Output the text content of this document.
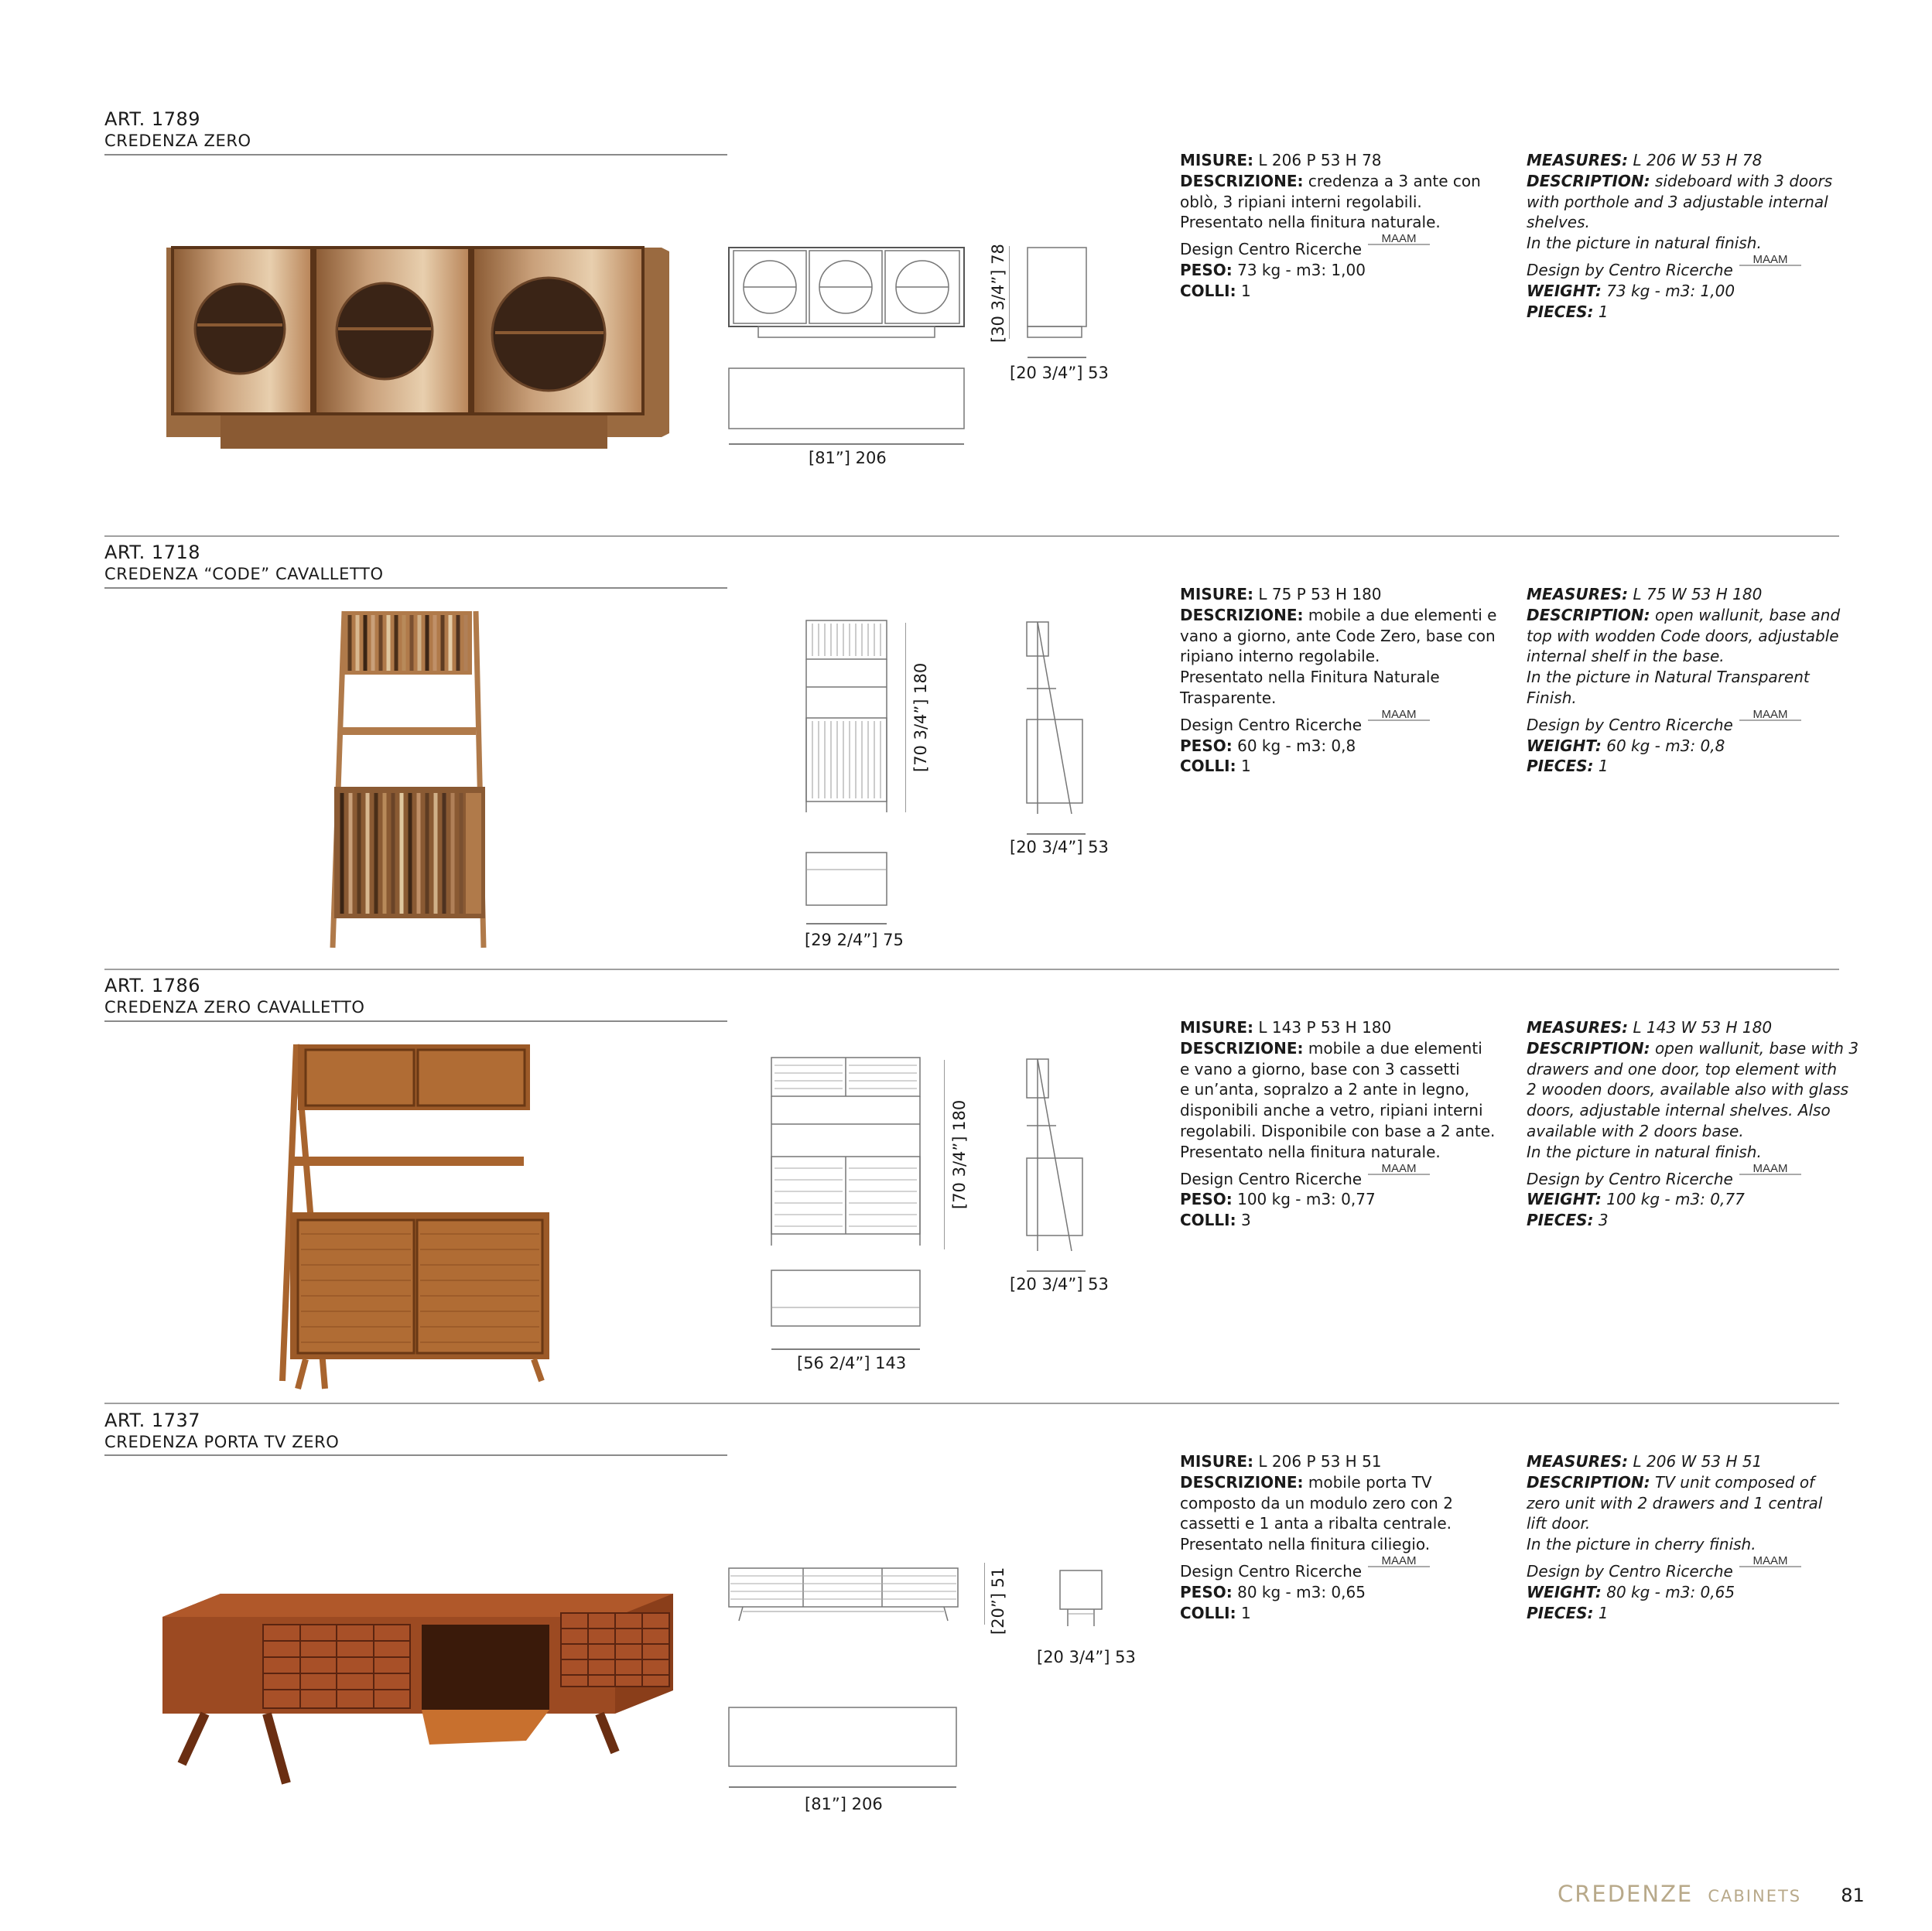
ART. 1789
CREDENZA ZERO
[30 3/4”] 78
[20 3/4”] 53
[81”] 206
MISURE: L 206 P 53 H 78
DESCRIZIONE: credenza a 3 ante con
oblò, 3 ripiani interni regolabili.
Presentato nella finitura naturale.
Design Centro Ricerche
MAAM
PESO: 73 kg - m3: 1,00
COLLI: 1
MEASURES: L 206 W 53 H 78
DESCRIPTION: sideboard with 3 doors
with porthole and 3 adjustable internal
shelves.
In the picture in natural finish.
Design by Centro Ricerche
MAAM
WEIGHT: 73 kg - m3: 1,00
PIECES: 1
ART. 1718
CREDENZA “CODE” CAVALLETTO
[70 3/4”] 180
[20 3/4”] 53
[29 2/4”] 75
MISURE: L 75 P 53 H 180
DESCRIZIONE: mobile a due elementi e
vano a giorno, ante Code Zero, base con
ripiano interno regolabile.
Presentato nella Finitura Naturale
Trasparente.
Design Centro Ricerche
MAAM
PESO: 60 kg - m3: 0,8
COLLI: 1
MEASURES: L 75 W 53 H 180
DESCRIPTION: open wallunit, base and
top with wodden Code doors, adjustable
internal shelf in the base.
In the picture in Natural Transparent
Finish.
Design by Centro Ricerche
MAAM
WEIGHT: 60 kg - m3: 0,8
PIECES: 1
ART. 1786
CREDENZA ZERO CAVALLETTO
[70 3/4”] 180
[20 3/4”] 53
[56 2/4”] 143
MISURE: L 143 P 53 H 180
DESCRIZIONE: mobile a due elementi
e vano a giorno, base con 3 cassetti
e un’anta, sopralzo a 2 ante in legno,
disponibili anche a vetro, ripiani interni
regolabili. Disponibile con base a 2 ante.
Presentato nella finitura naturale.
Design Centro Ricerche
MAAM
PESO: 100 kg - m3: 0,77
COLLI: 3
MEASURES: L 143 W 53 H 180
DESCRIPTION: open wallunit, base with 3
drawers and one door, top element with
2 wooden doors, available also with glass
doors, adjustable internal shelves. Also
available with 2 doors base.
In the picture in natural finish.
Design by Centro Ricerche
MAAM
WEIGHT: 100 kg - m3: 0,77
PIECES: 3
ART. 1737
CREDENZA PORTA TV ZERO
[20”] 51
[20 3/4”] 53
[81”] 206
MISURE: L 206 P 53 H 51
DESCRIZIONE: mobile porta TV
composto da un modulo zero con 2
cassetti e 1 anta a ribalta centrale.
Presentato nella finitura ciliegio.
Design Centro Ricerche
MAAM
PESO: 80 kg - m3: 0,65
COLLI: 1
MEASURES: L 206 W 53 H 51
DESCRIPTION: TV unit composed of
zero unit with 2 drawers and 1 central
lift door.
In the picture in cherry finish.
Design by Centro Ricerche
MAAM
WEIGHT: 80 kg - m3: 0,65
PIECES: 1
CREDENZE CABINETS 81
